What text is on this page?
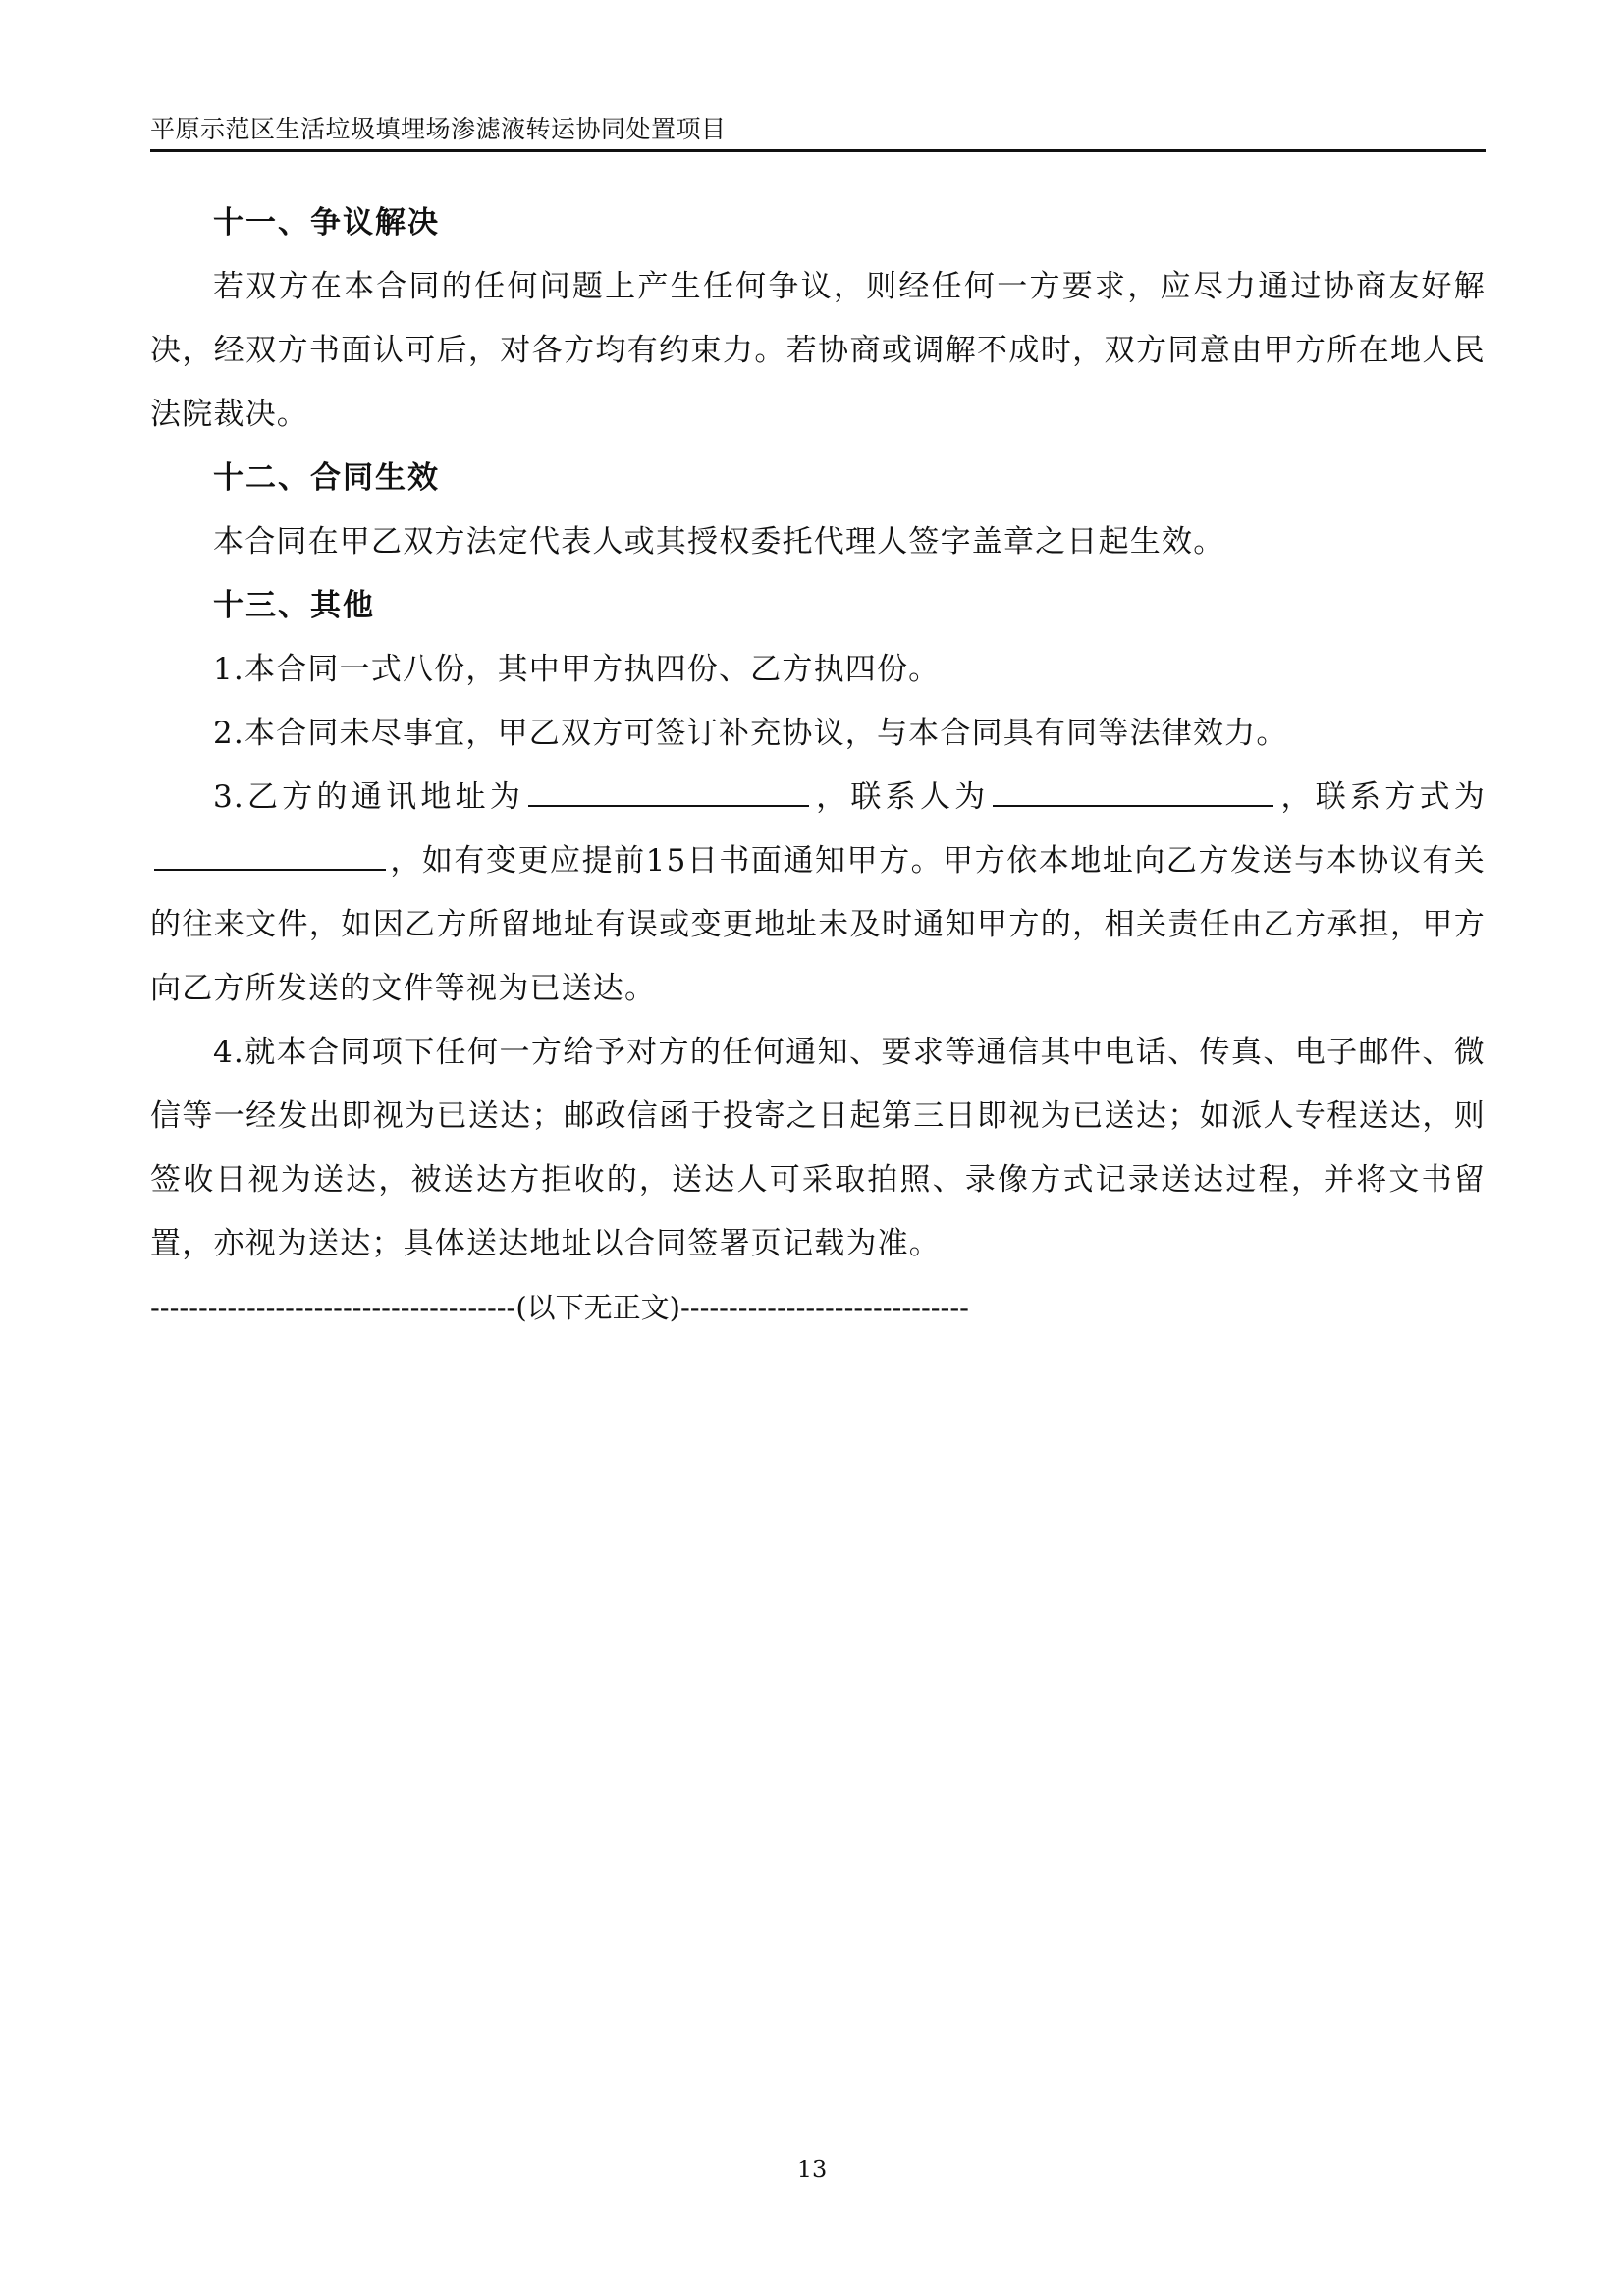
平原示范区生活垃圾填埋场渗滤液转运协同处置项目

十一、争议解决

若双方在本合同的任何问题上产生任何争议，则经任何一方要求，应尽力通过协商友好解决，经双方书面认可后，对各方均有约束力。若协商或调解不成时，双方同意由甲方所在地人民法院裁决。

十二、合同生效

本合同在甲乙双方法定代表人或其授权委托代理人签字盖章之日起生效。

十三、其他

1.本合同一式八份，其中甲方执四份、乙方执四份。

2.本合同未尽事宜，甲乙双方可签订补充协议，与本合同具有同等法律效力。

3.乙方的通讯地址为	，联系人为	，联系方式为，如有变更应提前15日书面通知甲方。甲方依本地址向乙方发送与本协议有关的往来文件，如因乙方所留地址有误或变更地址未及时通知甲方的，相关责任由乙方承担，甲方向乙方所发送的文件等视为已送达。

4.就本合同项下任何一方给予对方的任何通知、要求等通信其中电话、传真、电子邮件、微信等一经发出即视为已送达；邮政信函于投寄之日起第三日即视为已送达；如派人专程送达，则签收日视为送达，被送达方拒收的，送达人可采取拍照、录像方式记录送达过程，并将文书留置，亦视为送达；具体送达地址以合同签署页记载为准。

--------------------------------------(以下无正文)------------------------------

13
